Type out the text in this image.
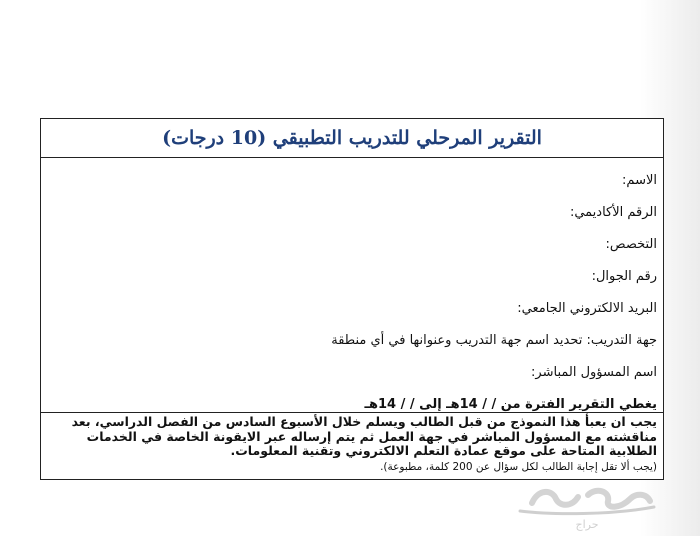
التقرير المرحلي للتدريب التطبيقي (10 درجات)
الاسم:
الرقم الأكاديمي:
التخصص:
رقم الجوال:
البريد الالكتروني الجامعي:
جهة التدريب: تحديد اسم جهة التدريب وعنوانها في أي منطقة
اسم المسؤول المباشر:
يغطي التقرير الفترة من / / 14هـ إلى / / 14هـ
يجب ان يعبأ هذا النموذج من قبل الطالب ويسلم خلال الأسبوع السادس من الفصل الدراسي، بعد مناقشته مع المسؤول المباشر في جهة العمل ثم يتم إرساله عبر الايقونة الخاصة في الخدمات الطلابية المتاحة على موقع عمادة التعلم الالكتروني وتقنية المعلومات.
(يجب ألا تقل إجابة الطالب لكل سؤال عن 200 كلمة، مطبوعة).
حراج
